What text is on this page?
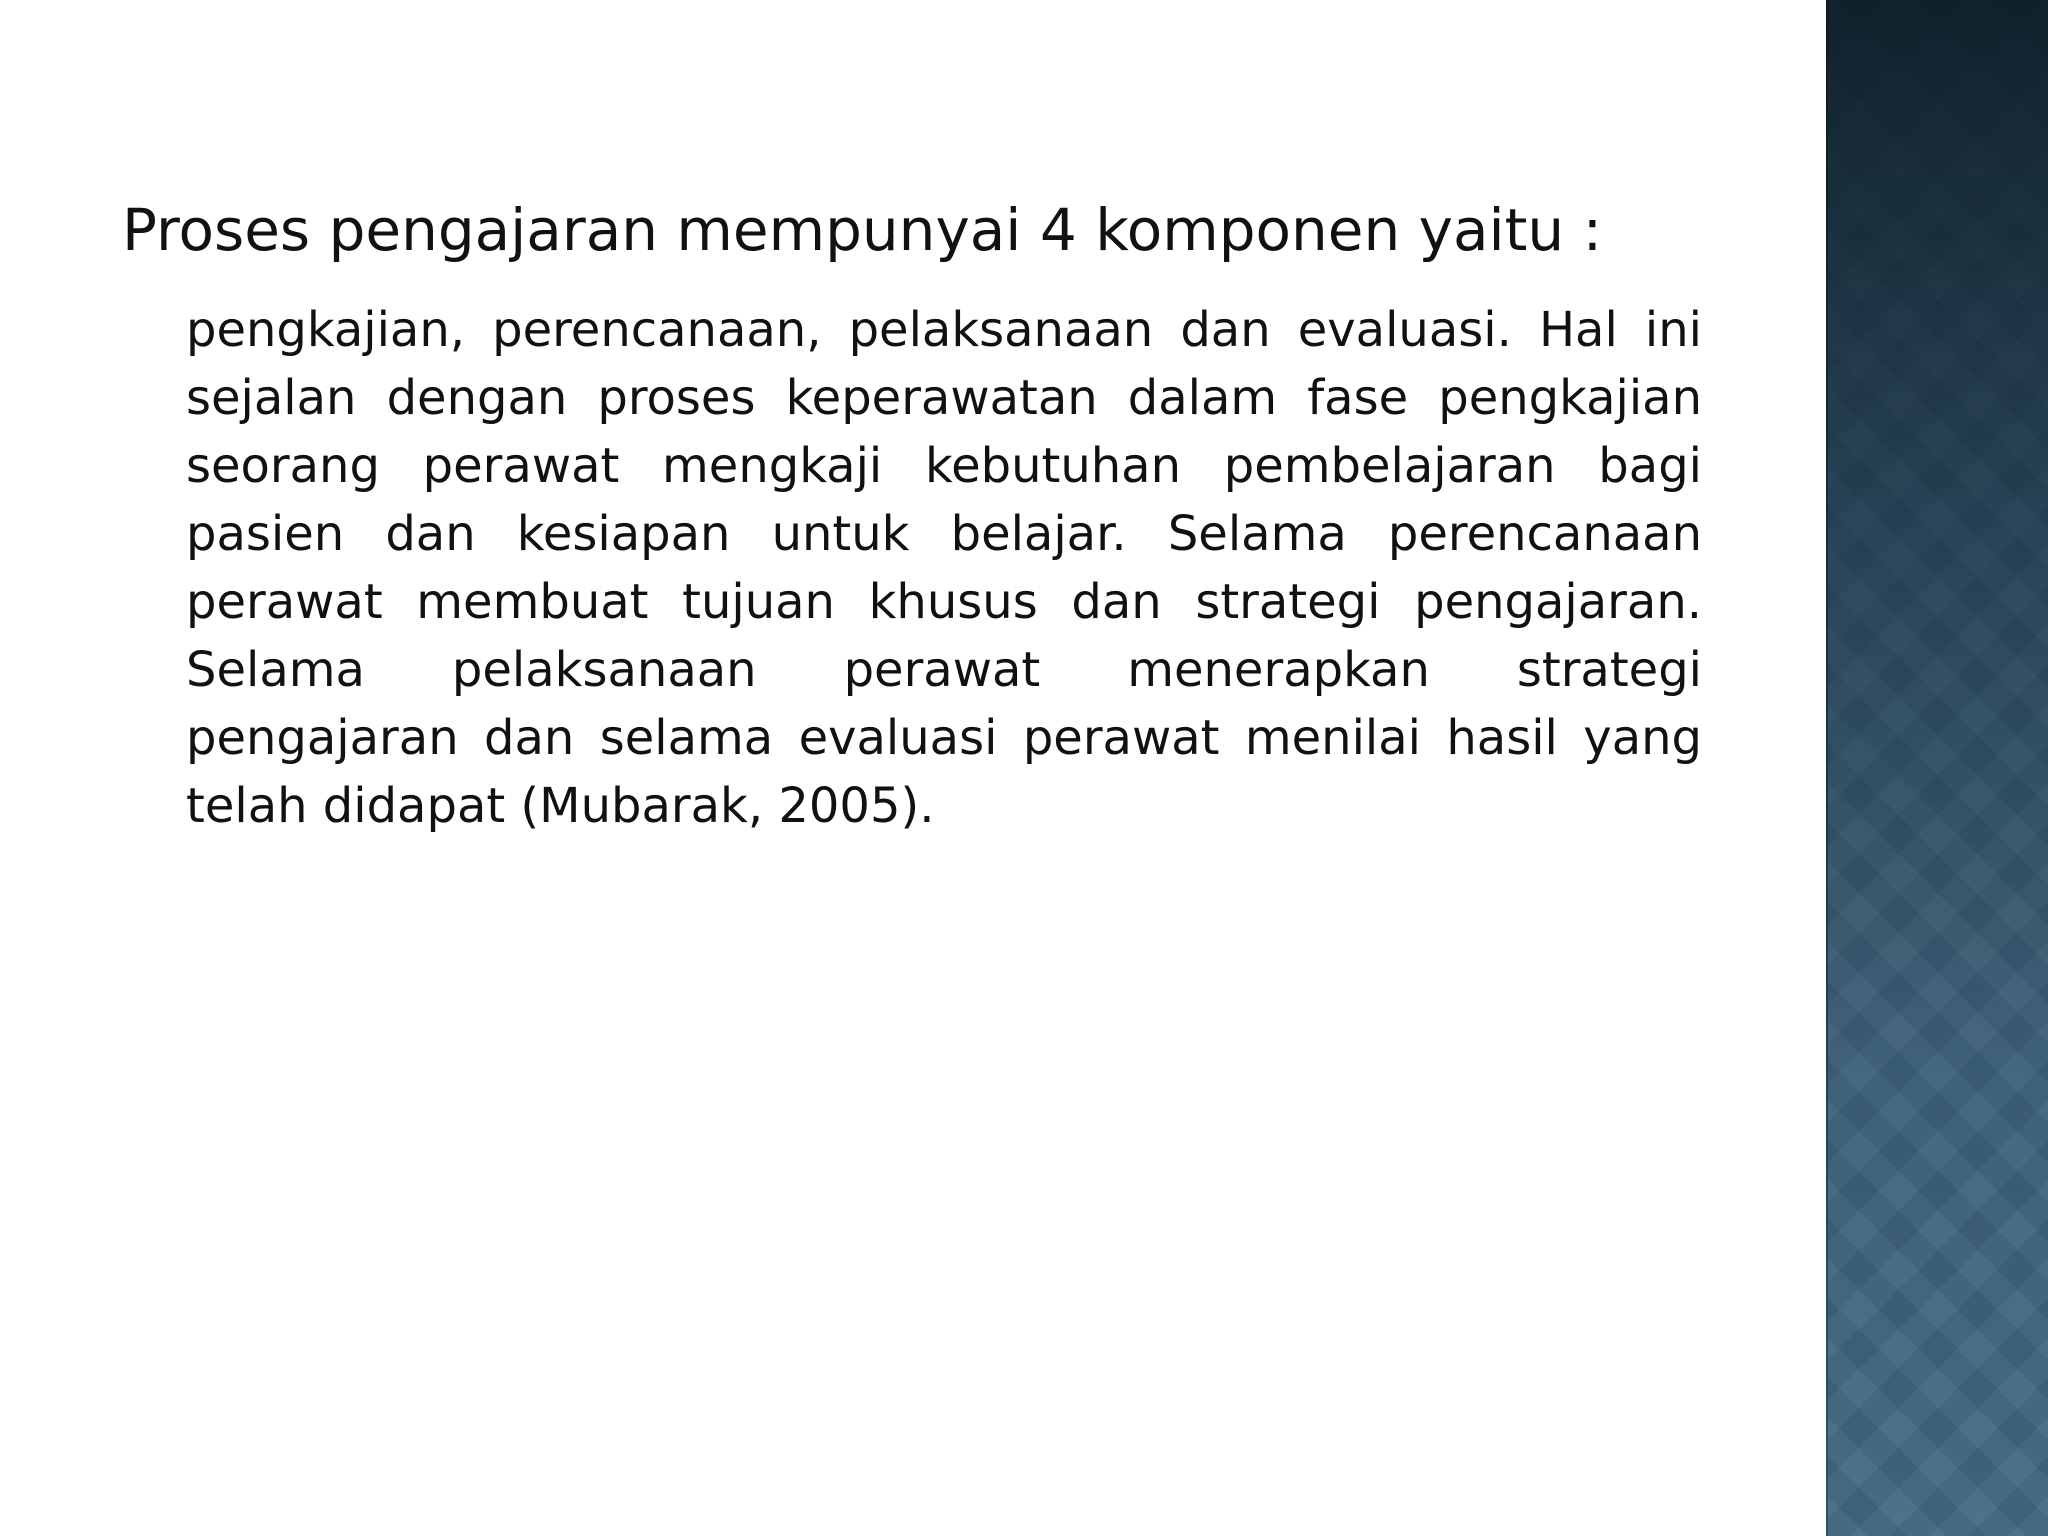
Proses pengajaran mempunyai 4 komponen yaitu :

pengkajian, perencanaan, pelaksanaan dan evaluasi. Hal ini sejalan dengan proses keperawatan dalam fase pengkajian seorang perawat mengkaji kebutuhan pembelajaran bagi pasien dan kesiapan untuk belajar. Selama perencanaan perawat membuat tujuan khusus dan strategi pengajaran. Selama pelaksanaan perawat menerapkan strategi pengajaran dan selama evaluasi perawat menilai hasil yang telah didapat (Mubarak, 2005).
